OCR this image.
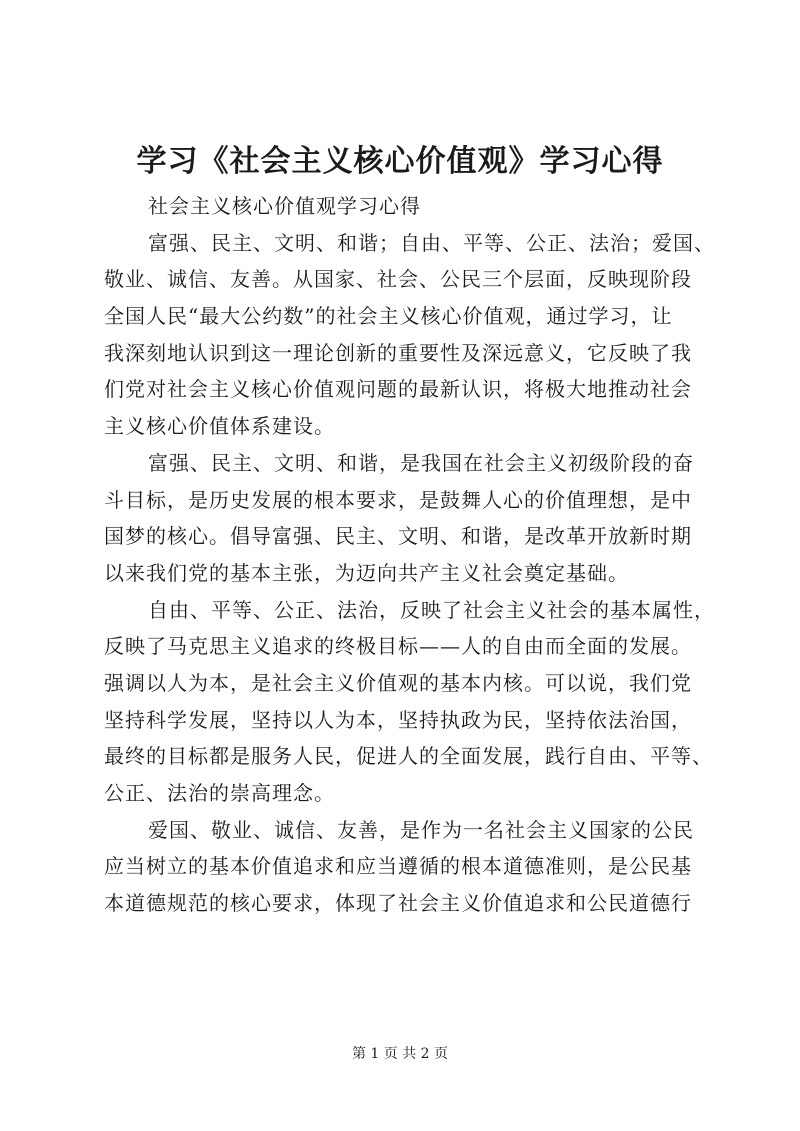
学习《社会主义核心价值观》学习心得
社会主义核心价值观学习心得
富强、民主、文明、和谐；自由、平等、公正、法治；爱国、
敬业、诚信、友善。从国家、社会、公民三个层面，反映现阶段
全国人民“最大公约数”的社会主义核心价值观，通过学习，让
我深刻地认识到这一理论创新的重要性及深远意义，它反映了我
们党对社会主义核心价值观问题的最新认识，将极大地推动社会
主义核心价值体系建设。
富强、民主、文明、和谐，是我国在社会主义初级阶段的奋
斗目标，是历史发展的根本要求，是鼓舞人心的价值理想，是中
国梦的核心。倡导富强、民主、文明、和谐，是改革开放新时期
以来我们党的基本主张，为迈向共产主义社会奠定基础。
自由、平等、公正、法治，反映了社会主义社会的基本属性，
反映了马克思主义追求的终极目标——人的自由而全面的发展。
强调以人为本，是社会主义价值观的基本内核。可以说，我们党
坚持科学发展，坚持以人为本，坚持执政为民，坚持依法治国，
最终的目标都是服务人民，促进人的全面发展，践行自由、平等、
公正、法治的崇高理念。
爱国、敬业、诚信、友善，是作为一名社会主义国家的公民
应当树立的基本价值追求和应当遵循的根本道德准则，是公民基
本道德规范的核心要求，体现了社会主义价值追求和公民道德行
第 1 页 共 2 页
